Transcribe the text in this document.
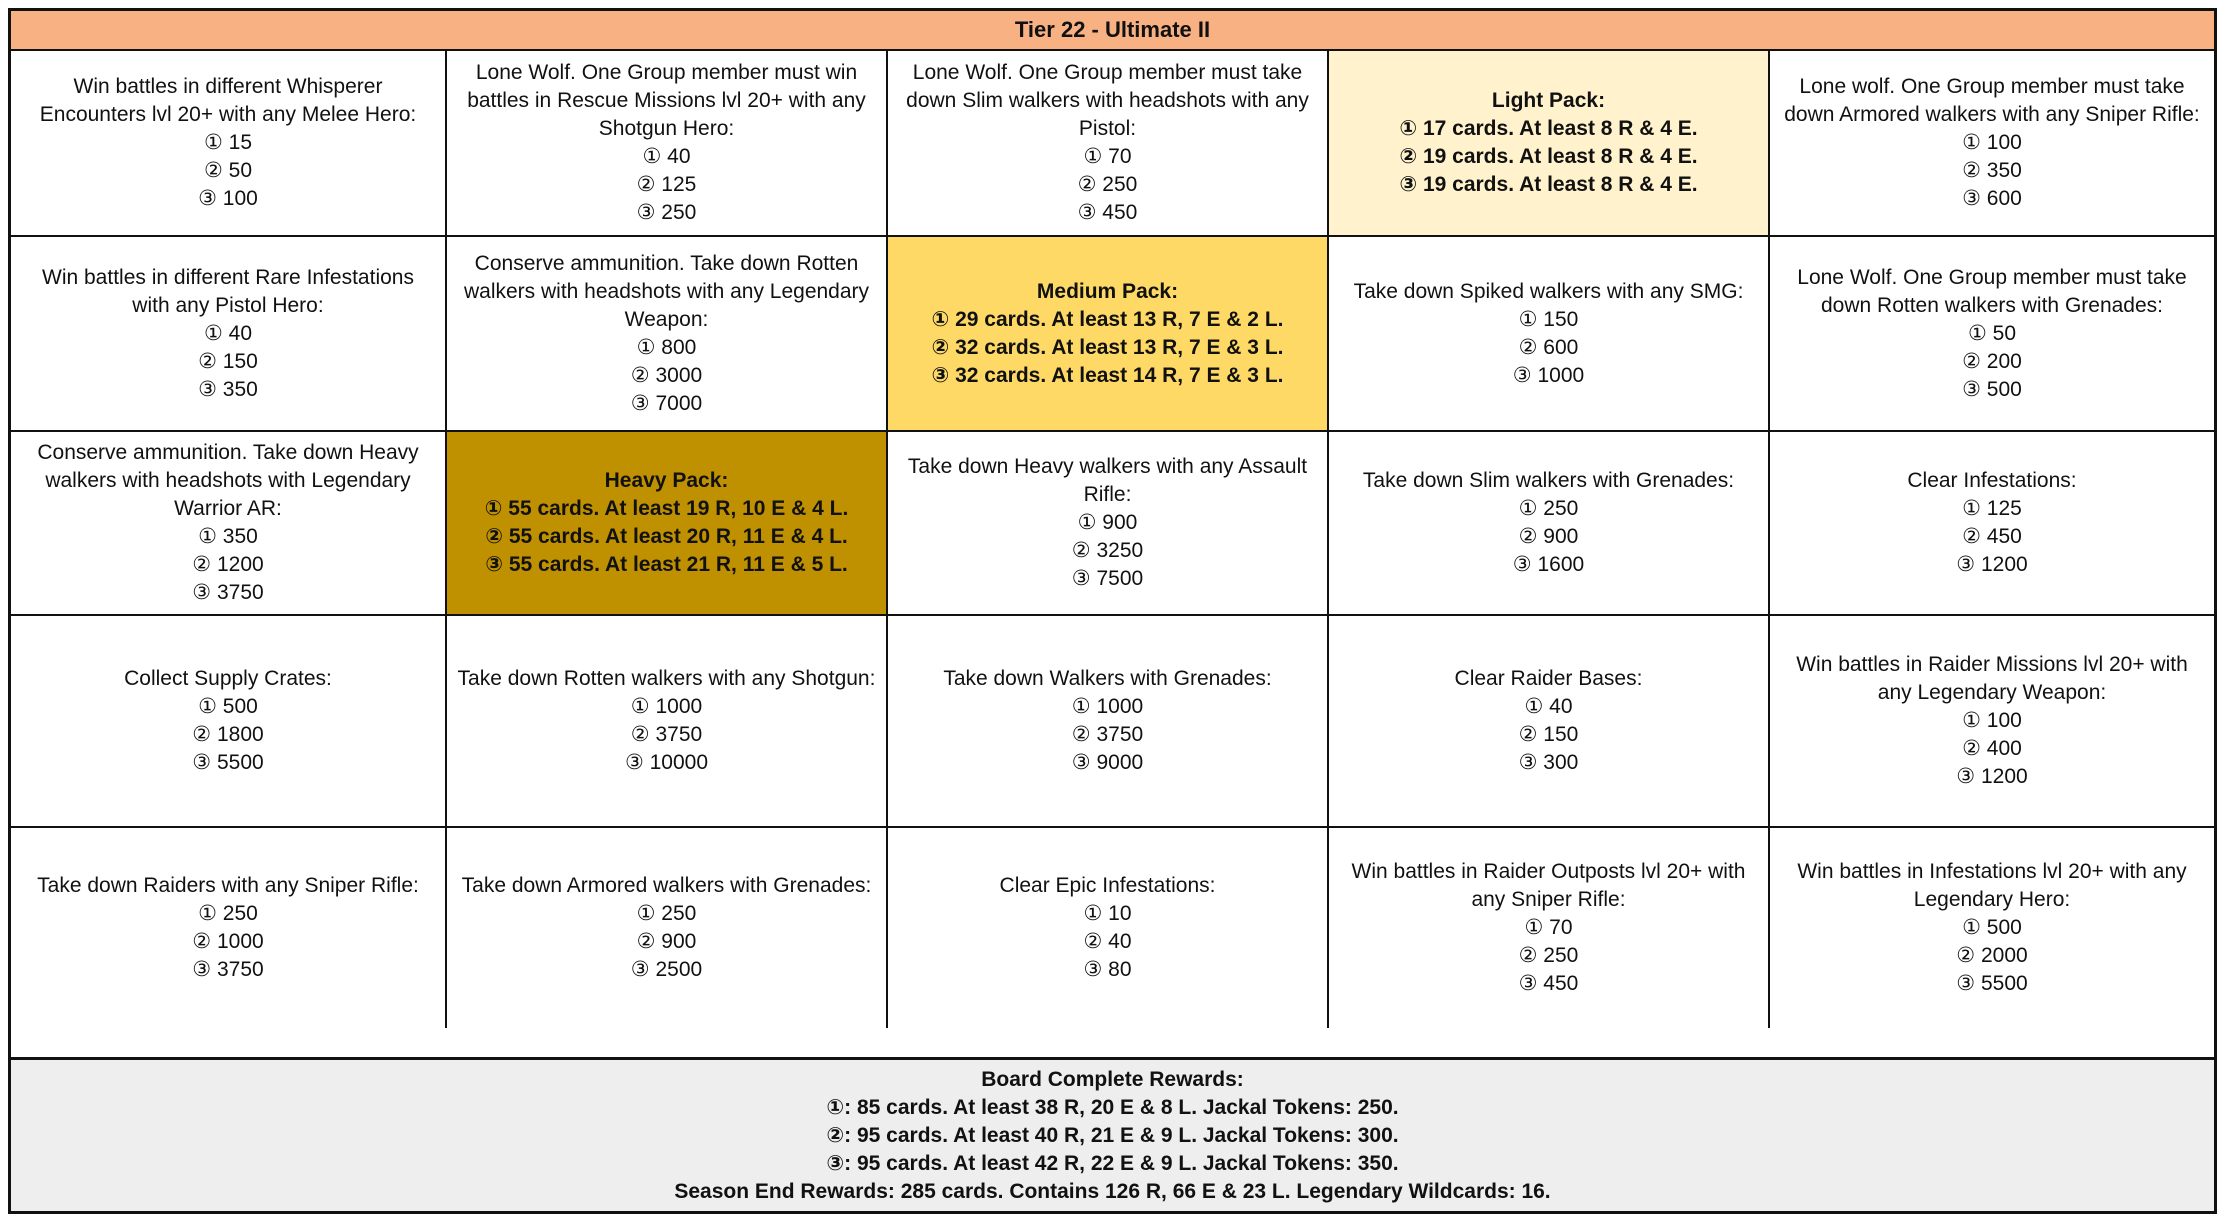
Tier 22 - Ultimate II
Win battles in different Whisperer Encounters lvl 20+ with any Melee Hero:
① 15
② 50
③ 100
Lone Wolf. One Group member must win battles in Rescue Missions lvl 20+ with any Shotgun Hero:
① 40
② 125
③ 250
Lone Wolf. One Group member must take down Slim walkers with headshots with any Pistol:
① 70
② 250
③ 450
Light Pack:
① 17 cards. At least 8 R & 4 E.
② 19 cards. At least 8 R & 4 E.
③ 19 cards. At least 8 R & 4 E.
Lone wolf. One Group member must take down Armored walkers with any Sniper Rifle:
① 100
② 350
③ 600
Win battles in different Rare Infestations with any Pistol Hero:
① 40
② 150
③ 350
Conserve ammunition. Take down Rotten walkers with headshots with any Legendary Weapon:
① 800
② 3000
③ 7000
Medium Pack:
① 29 cards. At least 13 R, 7 E & 2 L.
② 32 cards. At least 13 R, 7 E & 3 L.
③ 32 cards. At least 14 R, 7 E & 3 L.
Take down Spiked walkers with any SMG:
① 150
② 600
③ 1000
Lone Wolf. One Group member must take down Rotten walkers with Grenades:
① 50
② 200
③ 500
Conserve ammunition. Take down Heavy walkers with headshots with Legendary Warrior AR:
① 350
② 1200
③ 3750
Heavy Pack:
① 55 cards. At least 19 R, 10 E & 4 L.
② 55 cards. At least 20 R, 11 E & 4 L.
③ 55 cards. At least 21 R, 11 E & 5 L.
Take down Heavy walkers with any Assault Rifle:
① 900
② 3250
③ 7500
Take down Slim walkers with Grenades:
① 250
② 900
③ 1600
Clear Infestations:
① 125
② 450
③ 1200
Collect Supply Crates:
① 500
② 1800
③ 5500
Take down Rotten walkers with any Shotgun:
① 1000
② 3750
③ 10000
Take down Walkers with Grenades:
① 1000
② 3750
③ 9000
Clear Raider Bases:
① 40
② 150
③ 300
Win battles in Raider Missions lvl 20+ with any Legendary Weapon:
① 100
② 400
③ 1200
Take down Raiders with any Sniper Rifle:
① 250
② 1000
③ 3750
Take down Armored walkers with Grenades:
① 250
② 900
③ 2500
Clear Epic Infestations:
① 10
② 40
③ 80
Win battles in Raider Outposts lvl 20+ with any Sniper Rifle:
① 70
② 250
③ 450
Win battles in Infestations lvl 20+ with any Legendary Hero:
① 500
② 2000
③ 5500
Board Complete Rewards:
①: 85 cards. At least 38 R, 20 E & 8 L. Jackal Tokens: 250.
②: 95 cards. At least 40 R, 21 E & 9 L. Jackal Tokens: 300.
③: 95 cards. At least 42 R, 22 E & 9 L. Jackal Tokens: 350.
Season End Rewards: 285 cards. Contains 126 R, 66 E & 23 L. Legendary Wildcards: 16.
